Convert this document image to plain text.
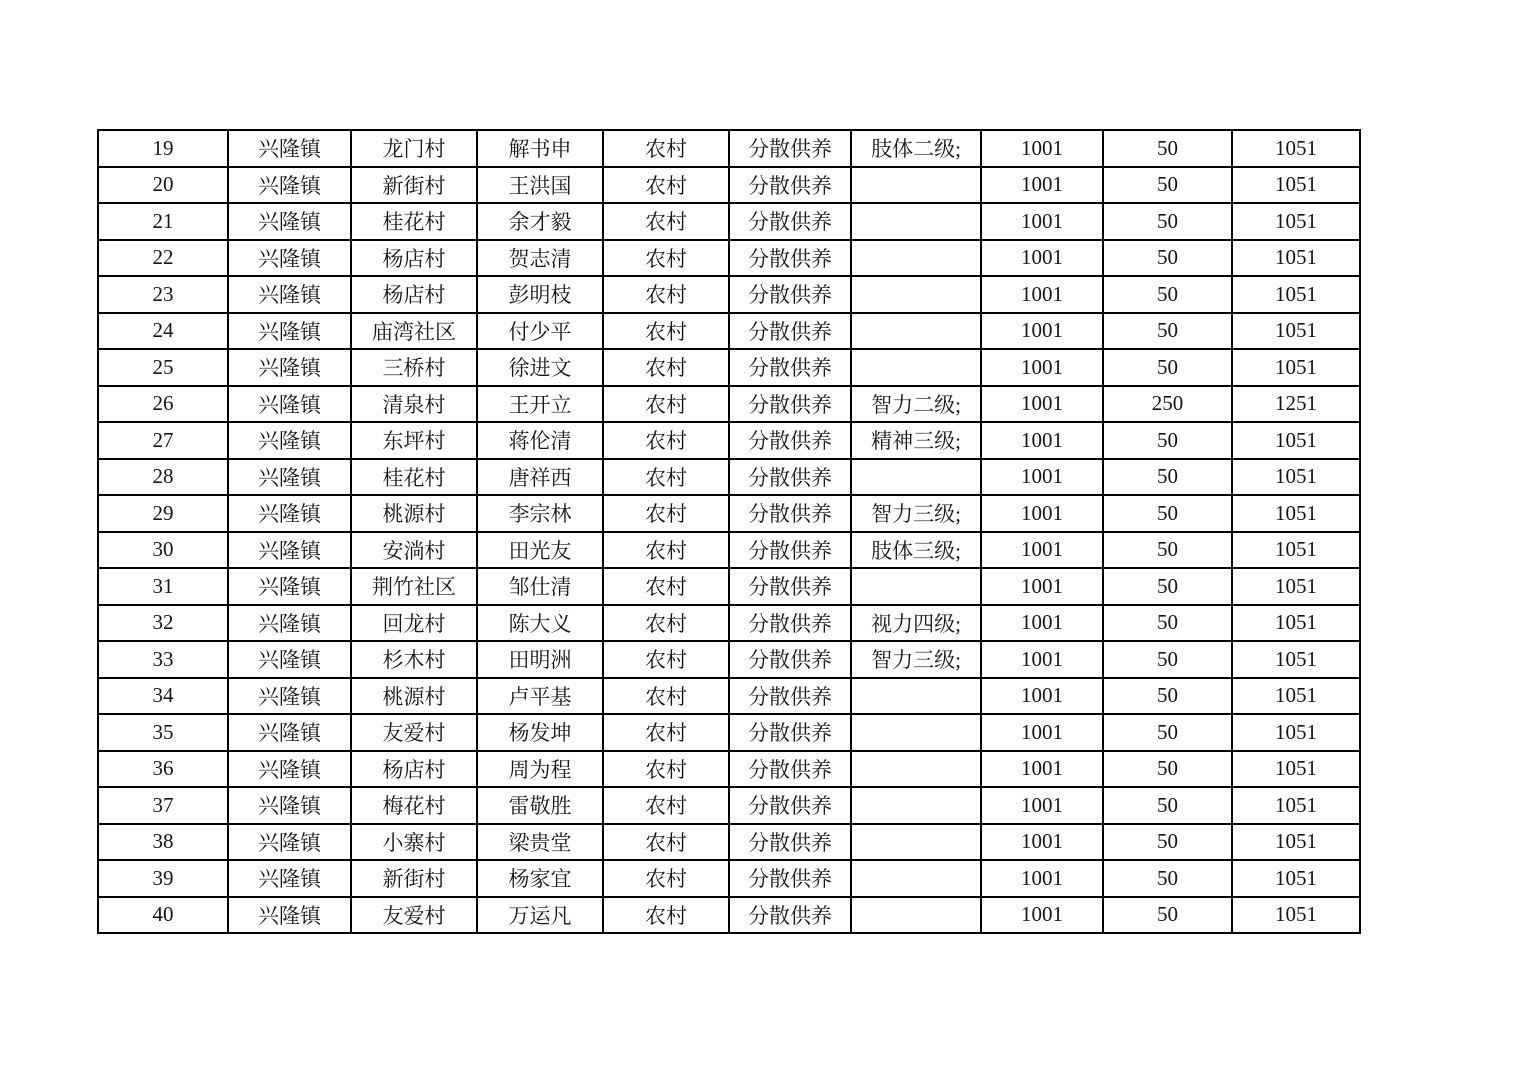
19	兴隆镇	龙门村	解书申	农村	分散供养	肢体二级;	1001	50	1051
20	兴隆镇	新街村	王洪国	农村	分散供养		1001	50	1051
21	兴隆镇	桂花村	余才毅	农村	分散供养		1001	50	1051
22	兴隆镇	杨店村	贺志清	农村	分散供养		1001	50	1051
23	兴隆镇	杨店村	彭明枝	农村	分散供养		1001	50	1051
24	兴隆镇	庙湾社区	付少平	农村	分散供养		1001	50	1051
25	兴隆镇	三桥村	徐进文	农村	分散供养		1001	50	1051
26	兴隆镇	清泉村	王开立	农村	分散供养	智力二级;	1001	250	1251
27	兴隆镇	东坪村	蒋伦清	农村	分散供养	精神三级;	1001	50	1051
28	兴隆镇	桂花村	唐祥西	农村	分散供养		1001	50	1051
29	兴隆镇	桃源村	李宗林	农村	分散供养	智力三级;	1001	50	1051
30	兴隆镇	安淌村	田光友	农村	分散供养	肢体三级;	1001	50	1051
31	兴隆镇	荆竹社区	邹仕清	农村	分散供养		1001	50	1051
32	兴隆镇	回龙村	陈大义	农村	分散供养	视力四级;	1001	50	1051
33	兴隆镇	杉木村	田明洲	农村	分散供养	智力三级;	1001	50	1051
34	兴隆镇	桃源村	卢平基	农村	分散供养		1001	50	1051
35	兴隆镇	友爱村	杨发坤	农村	分散供养		1001	50	1051
36	兴隆镇	杨店村	周为程	农村	分散供养		1001	50	1051
37	兴隆镇	梅花村	雷敬胜	农村	分散供养		1001	50	1051
38	兴隆镇	小寨村	梁贵堂	农村	分散供养		1001	50	1051
39	兴隆镇	新街村	杨家宜	农村	分散供养		1001	50	1051
40	兴隆镇	友爱村	万运凡	农村	分散供养		1001	50	1051
